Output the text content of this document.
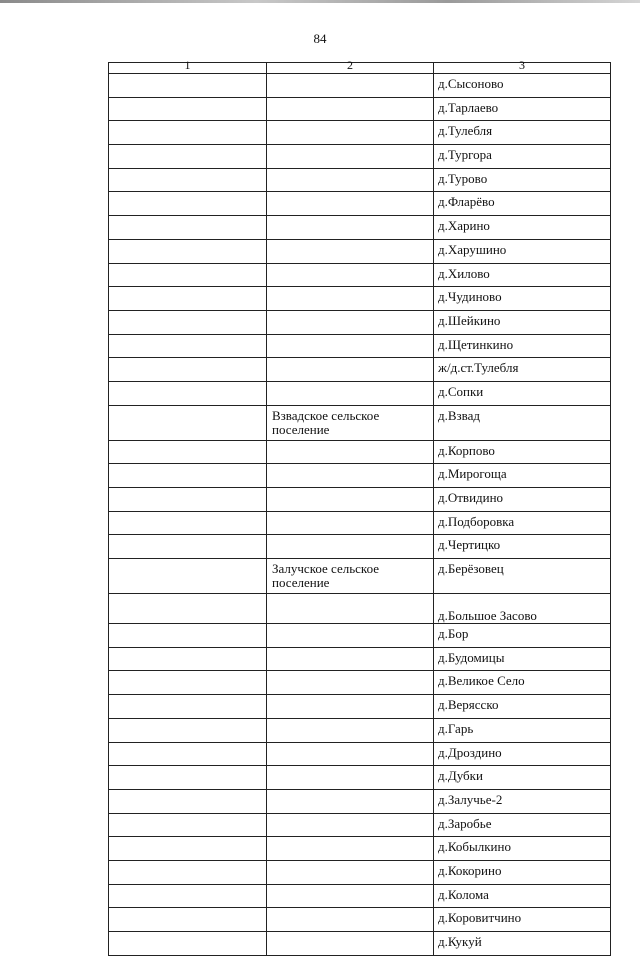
84
1	2	3

		д.Сысоново
		д.Тарлаево
		д.Тулебля
		д.Тургора
		д.Турово
		д.Фларёво
		д.Харино
		д.Харушино
		д.Хилово
		д.Чудиново
		д.Шейкино
		д.Щетинкино
		ж/д.ст.Тулебля
		д.Сопки
	Взвадское сельское поселение	д.Взвад
		д.Корпово
		д.Мирогоща
		д.Отвидино
		д.Подборовка
		д.Чертицко
	Залучское сельское поселение	д.Берёзовец
		д.Большое Засово
		д.Бор
		д.Будомицы
		д.Великое Село
		д.Верясско
		д.Гарь
		д.Дроздино
		д.Дубки
		д.Залучье-2
		д.Заробье
		д.Кобылкино
		д.Кокорино
		д.Колома
		д.Коровитчино
		д.Кукуй
